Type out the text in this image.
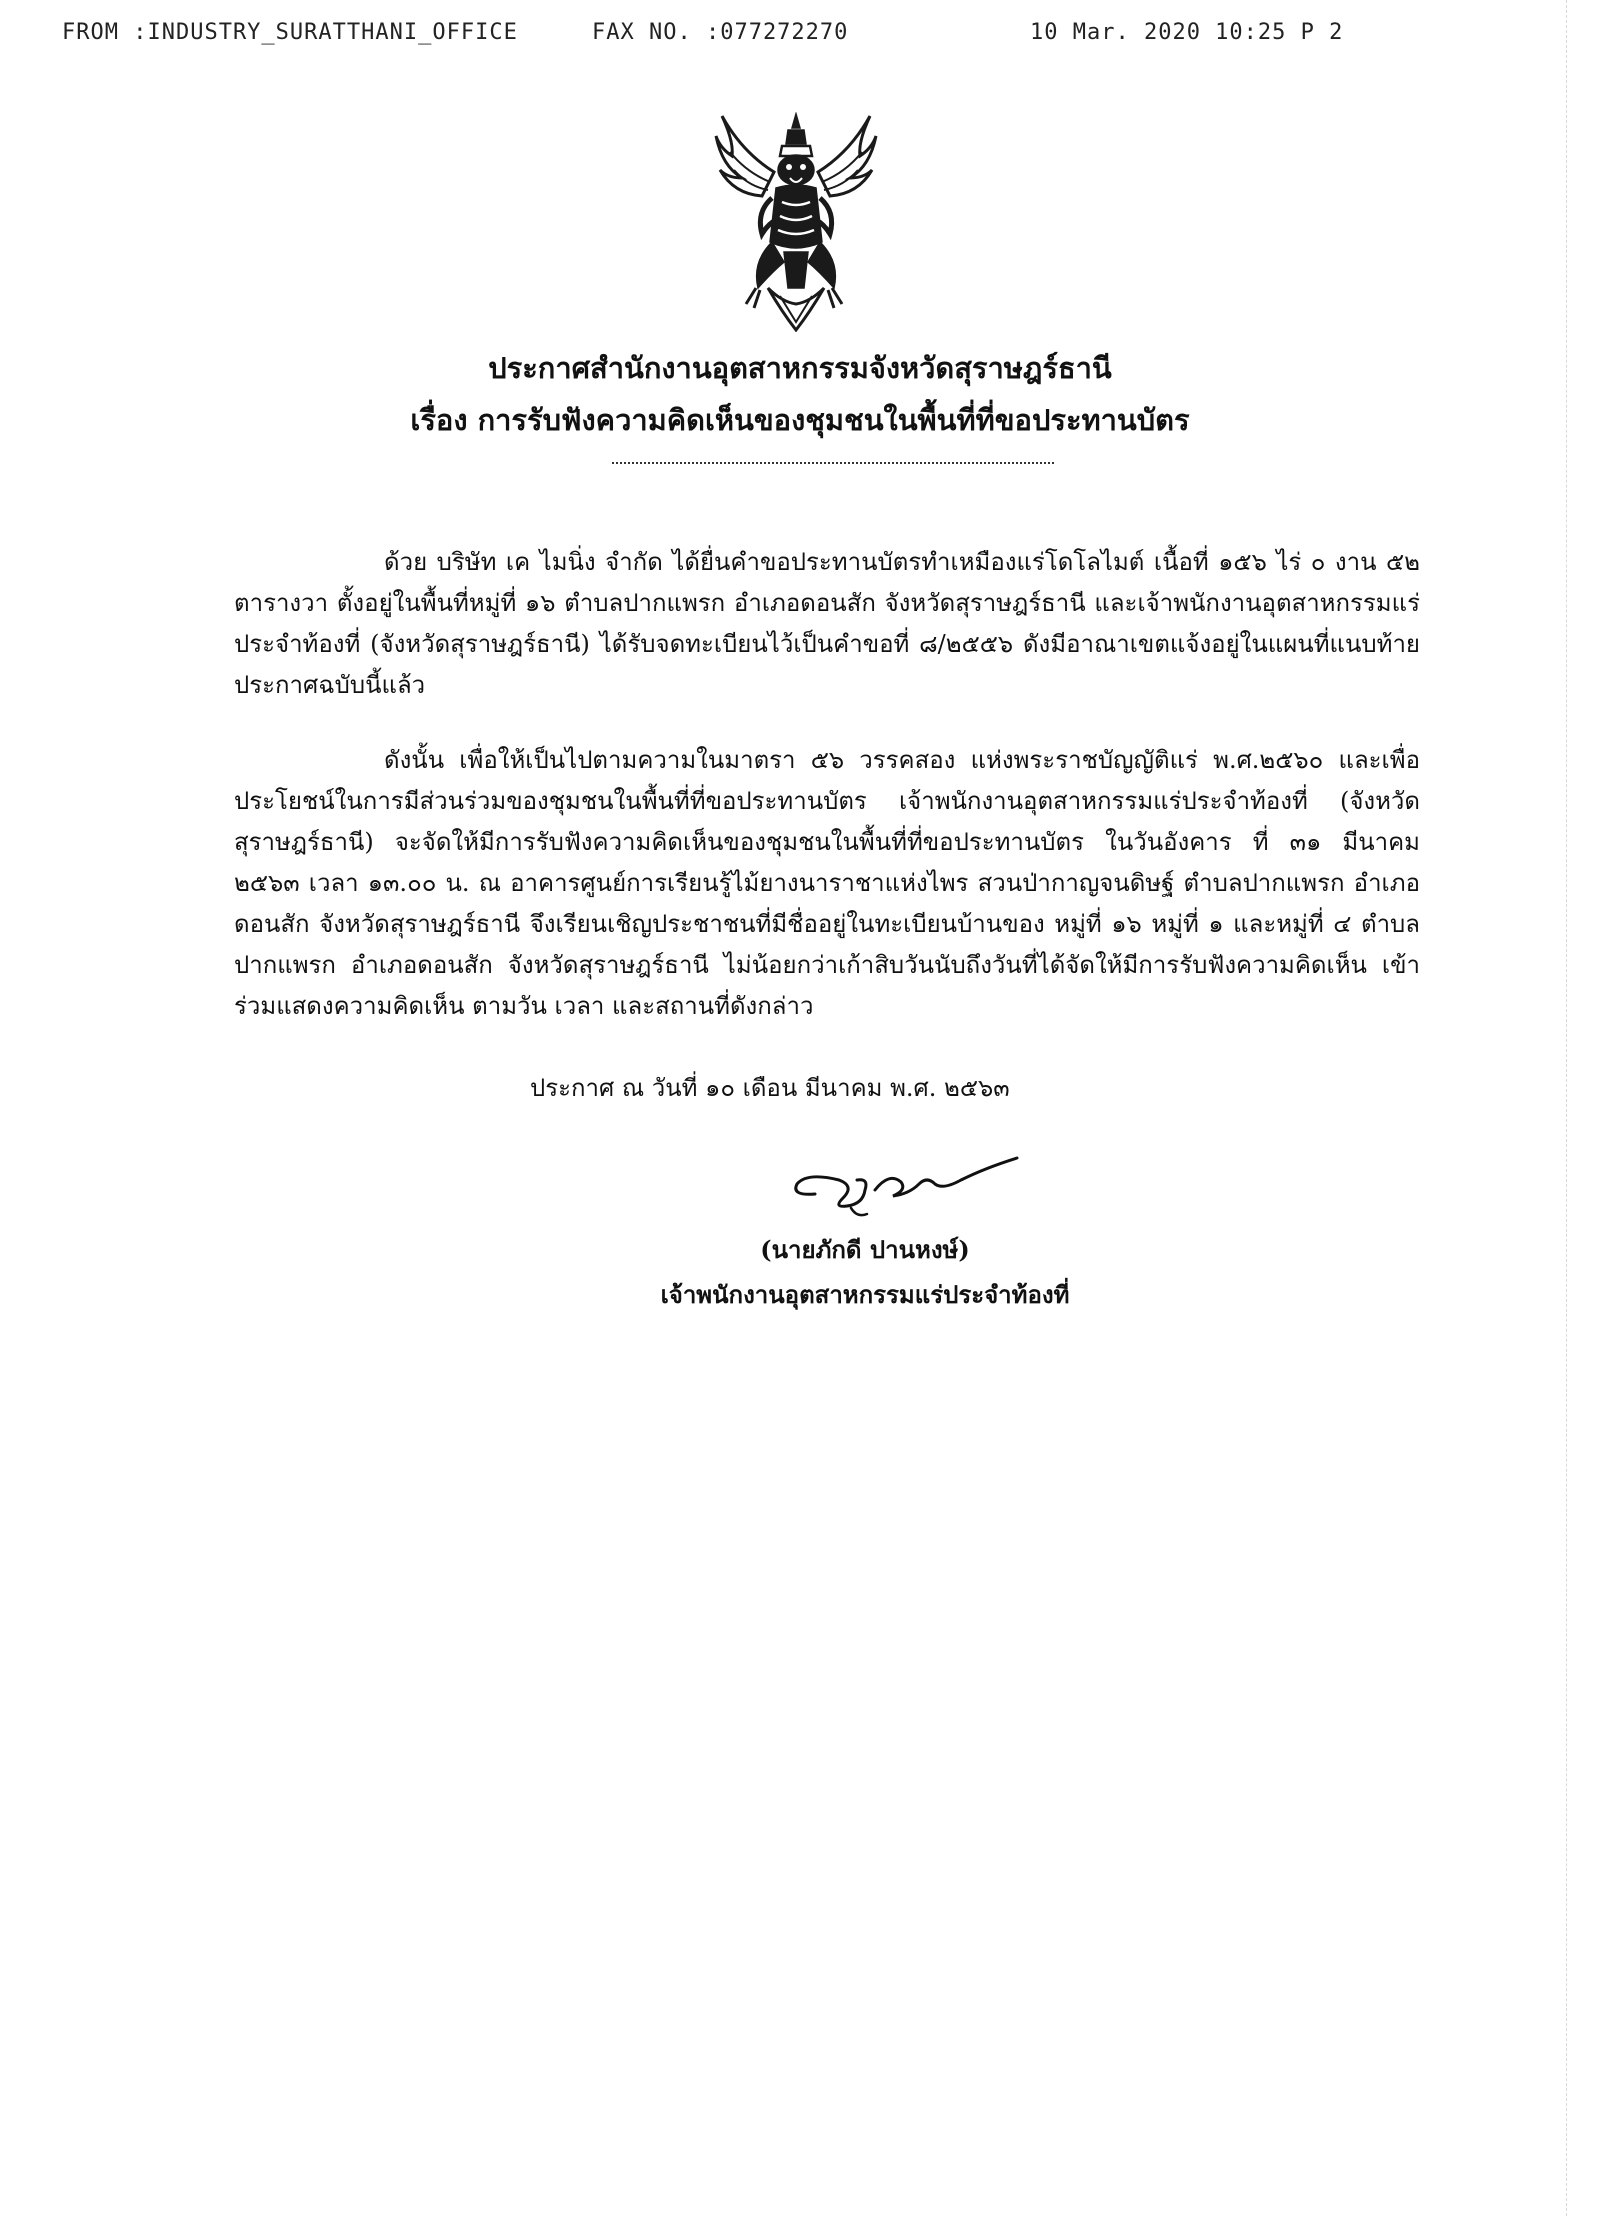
FROM :INDUSTRY_SURATTHANI_OFFICE	FAX NO. :077272270	10 Mar. 2020 10:25 P 2
ประกาศสำนักงานอุตสาหกรรมจังหวัดสุราษฎร์ธานี
เรื่อง การรับฟังความคิดเห็นของชุมชนในพื้นที่ที่ขอประทานบัตร
ด้วย บริษัท เค ไมนิ่ง จำกัด ได้ยื่นคำขอประทานบัตรทำเหมืองแร่โดโลไมต์ เนื้อที่ ๑๕๖ ไร่ ๐ งาน ๕๒ ตารางวา ตั้งอยู่ในพื้นที่หมู่ที่ ๑๖ ตำบลปากแพรก อำเภอดอนสัก จังหวัดสุราษฎร์ธานี และเจ้าพนักงานอุตสาหกรรมแร่ประจำท้องที่ (จังหวัดสุราษฎร์ธานี) ได้รับจดทะเบียนไว้เป็นคำขอที่ ๘/๒๕๕๖ ดังมีอาณาเขตแจ้งอยู่ในแผนที่แนบท้ายประกาศฉบับนี้แล้ว
ดังนั้น เพื่อให้เป็นไปตามความในมาตรา ๕๖ วรรคสอง แห่งพระราชบัญญัติแร่ พ.ศ.๒๕๖๐ และเพื่อประโยชน์ในการมีส่วนร่วมของชุมชนในพื้นที่ที่ขอประทานบัตร เจ้าพนักงานอุตสาหกรรมแร่ประจำท้องที่ (จังหวัดสุราษฎร์ธานี) จะจัดให้มีการรับฟังความคิดเห็นของชุมชนในพื้นที่ที่ขอประทานบัตร ในวันอังคาร ที่ ๓๑ มีนาคม ๒๕๖๓ เวลา ๑๓.๐๐ น. ณ อาคารศูนย์การเรียนรู้ไม้ยางนาราชาแห่งไพร สวนป่ากาญจนดิษฐ์ ตำบลปากแพรก อำเภอดอนสัก จังหวัดสุราษฎร์ธานี จึงเรียนเชิญประชาชนที่มีชื่ออยู่ในทะเบียนบ้านของ หมู่ที่ ๑๖ หมู่ที่ ๑ และหมู่ที่ ๔ ตำบลปากแพรก อำเภอดอนสัก จังหวัดสุราษฎร์ธานี ไม่น้อยกว่าเก้าสิบวันนับถึงวันที่ได้จัดให้มีการรับฟังความคิดเห็น เข้าร่วมแสดงความคิดเห็น ตามวัน เวลา และสถานที่ดังกล่าว
ประกาศ ณ วันที่ ๑๐ เดือน มีนาคม พ.ศ. ๒๕๖๓
(นายภักดี ปานหงษ์)
เจ้าพนักงานอุตสาหกรรมแร่ประจำท้องที่
